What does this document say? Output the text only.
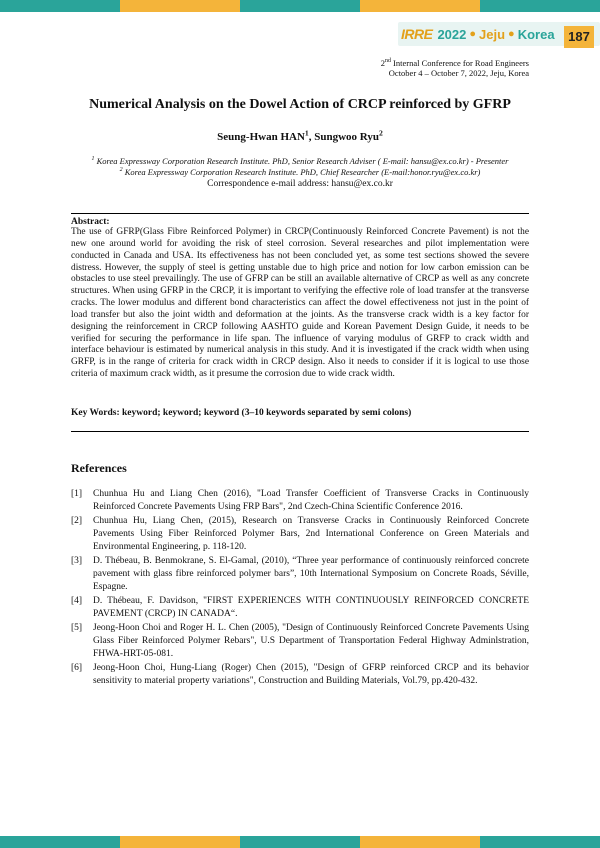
IRRE 2022 ● Jeju ● Korea	187
2nd Internal Conference for Road Engineers
October 4 – October 7, 2022, Jeju, Korea
Numerical Analysis on the Dowel Action of CRCP reinforced by GFRP
Seung-Hwan HAN$^1$, Sungwoo Ryu$^2$
$^1$ Korea Expressway Corporation Research Institute. PhD, Senior Research Adviser ( E-mail: hansu@ex.co.kr) - Presenter
$^2$ Korea Expressway Corporation Research Institute. PhD, Chief Researcher (E-mail:honor.ryu@ex.co.kr)
Correspondence e-mail address: hansu@ex.co.kr
Abstract:
The use of GFRP(Glass Fibre Reinforced Polymer) in CRCP(Continuously Reinforced Concrete Pavement) is not the new one around world for avoiding the risk of steel corrosion. Several researches and pilot implementation were conducted in Canada and USA. Its effectiveness has not been concluded yet, as some test sections showed the severe distress. However, the supply of steel is getting unstable due to high price and notion for low carbon emission can be obstacles to use steel prevailingly. The use of GFRP can be still an available alternative of CRCP as well as any concrete structures. When using GFRP in the CRCP, it is important to verifying the effective role of load transfer at the transverse cracks. The lower modulus and different bond characteristics can affect the dowel effectiveness not just in the point of load transfer but also the joint width and deformation at the joints. As the transverse crack width is a key factor for designing the reinforcement in CRCP following AASHTO guide and Korean Pavement Design Guide, it needs to be verified for securing the performance in life span. The influence of varying modulus of GRFP to crack width and interface behaviour is estimated by numerical analysis in this study. And it is investigated if the crack width when using GRFP, is in the range of criteria for crack width in CRCP design. Also it needs to consider if it is logical to use those criteria of maximum crack width, as it presume the corrosion due to wide crack width.
Key Words: keyword; keyword; keyword (3–10 keywords separated by semi colons)
References
[1]	Chunhua Hu and Liang Chen (2016), "Load Transfer Coefficient of Transverse Cracks in Continuously Reinforced Concrete Pavements Using FRP Bars", 2nd Czech-China Scientific Conference 2016.
[2]	Chunhua Hu, Liang Chen, (2015), Research on Transverse Cracks in Continuously Reinforced Concrete Pavements Using Fiber Reinforced Polymer Bars, 2nd International Conference on Green Materials and Environmental Engineering, p. 118-120.
[3]	D. Thébeau, B. Benmokrane, S. El-Gamal, (2010), “Three year performance of continuously reinforced concrete pavement with glass fibre reinforced polymer bars”, 10th International Symposium on Concrete Roads, Séville, Espagne.
[4]	D. Thébeau, F. Davidson, "FIRST EXPERIENCES WITH CONTINUOUSLY REINFORCED CONCRETE PAVEMENT (CRCP) IN CANADA“.
[5]	Jeong-Hoon Choi and Roger H. L. Chen (2005), "Design of Continuously Reinforced Concrete Pavements Using Glass Fiber Reinforced Polymer Rebars", U.S Department of Transportation Federal Highway Adminlstration, FHWA-HRT-05-081.
[6]	Jeong-Hoon Choi, Hung-Liang (Roger) Chen (2015), "Design of GFRP reinforced CRCP and its behavior sensitivity to material property variations", Construction and Building Materials, Vol.79, pp.420-432.
